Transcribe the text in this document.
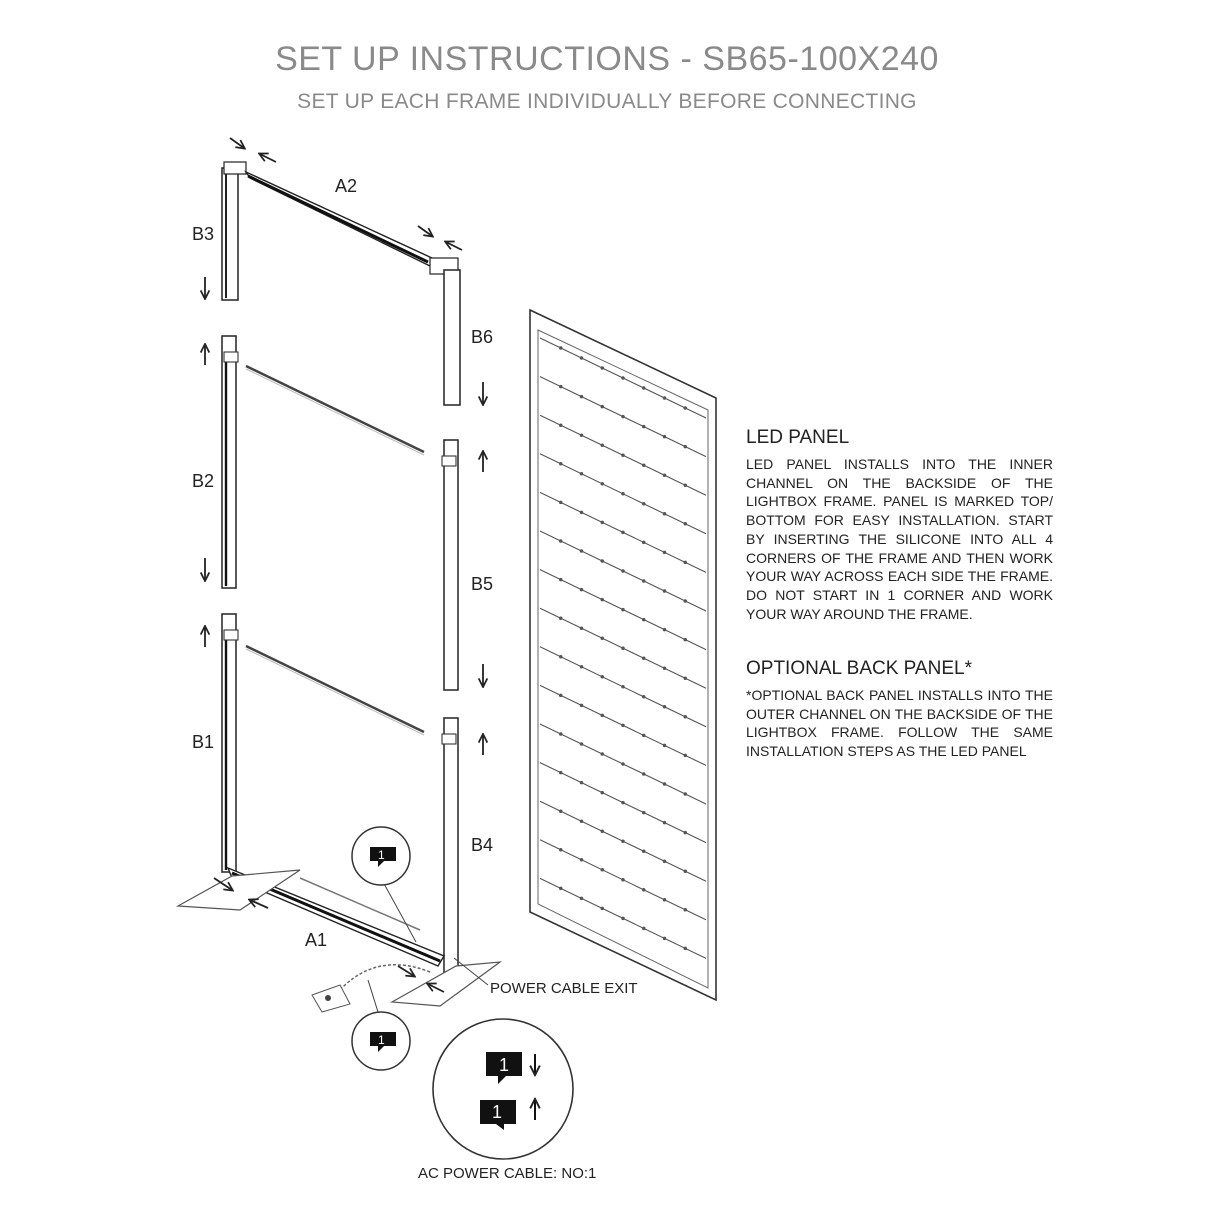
SET UP INSTRUCTIONS - SB65-100X240
SET UP EACH FRAME INDIVIDUALLY BEFORE CONNECTING
A2
B3
B6
B2
B5
B1
B4
A1
POWER CABLE EXIT
AC POWER CABLE: NO:1
1
1
1
1
LED PANEL

LED PANEL INSTALLS INTO THE INNER CHANNEL ON THE BACKSIDE OF THE LIGHTBOX FRAME. PANEL IS MARKED TOP/ BOTTOM FOR EASY INSTALLATION. START BY INSERTING THE SILICONE INTO ALL 4 CORNERS OF THE FRAME AND THEN WORK YOUR WAY ACROSS EACH SIDE THE FRAME. DO NOT START IN 1 CORNER AND WORK YOUR WAY AROUND THE FRAME.

OPTIONAL BACK PANEL*

*OPTIONAL BACK PANEL INSTALLS INTO THE OUTER CHANNEL ON THE BACKSIDE OF THE LIGHTBOX FRAME. FOLLOW THE SAME INSTALLATION STEPS AS THE LED PANEL
